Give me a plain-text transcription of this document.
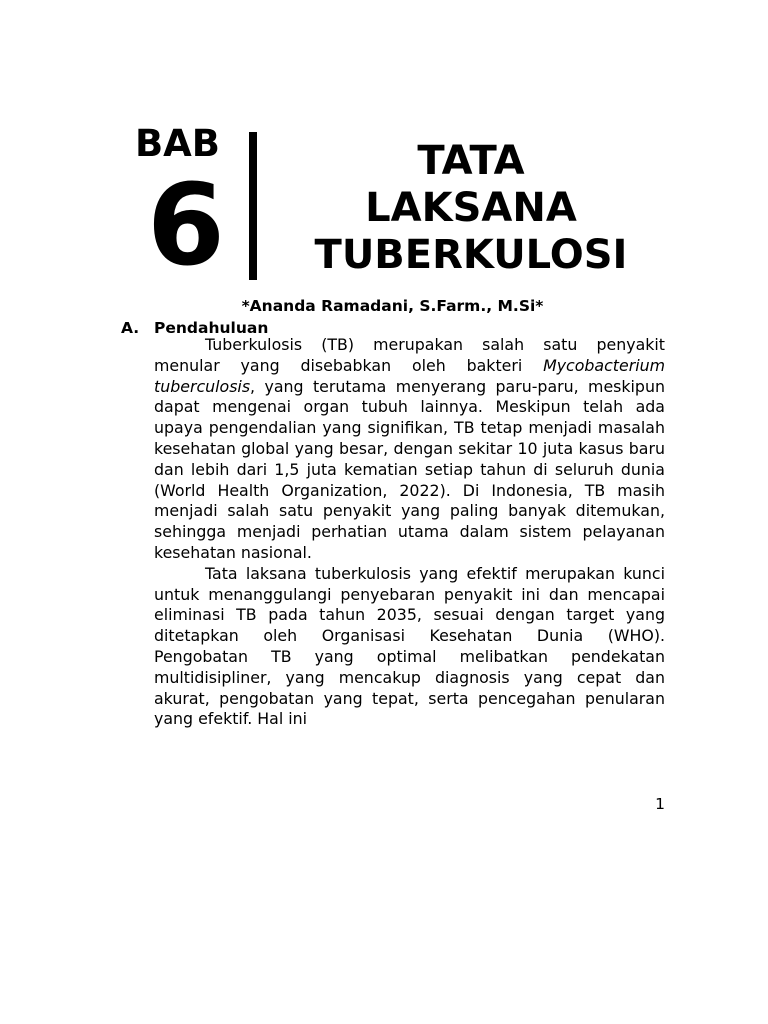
BAB
6	TATA
LAKSANA
TUBERKULOSI
*Ananda Ramadani, S.Farm., M.Si*
A. Pendahuluan

Tuberkulosis (TB) merupakan salah satu penyakit menular yang disebabkan oleh bakteri Mycobacterium tuberculosis, yang terutama menyerang paru-paru, meskipun dapat mengenai organ tubuh lainnya. Meskipun telah ada upaya pengendalian yang signifikan, TB tetap menjadi masalah kesehatan global yang besar, dengan sekitar 10 juta kasus baru dan lebih dari 1,5 juta kematian setiap tahun di seluruh dunia (World Health Organization, 2022). Di Indonesia, TB masih menjadi salah satu penyakit yang paling banyak ditemukan, sehingga menjadi perhatian utama dalam sistem pelayanan kesehatan nasional.

Tata laksana tuberkulosis yang efektif merupakan kunci untuk menanggulangi penyebaran penyakit ini dan mencapai eliminasi TB pada tahun 2035, sesuai dengan target yang ditetapkan oleh Organisasi Kesehatan Dunia (WHO). Pengobatan TB yang optimal melibatkan pendekatan multidisipliner, yang mencakup diagnosis yang cepat dan akurat, pengobatan yang tepat, serta pencegahan penularan yang efektif. Hal ini

1
